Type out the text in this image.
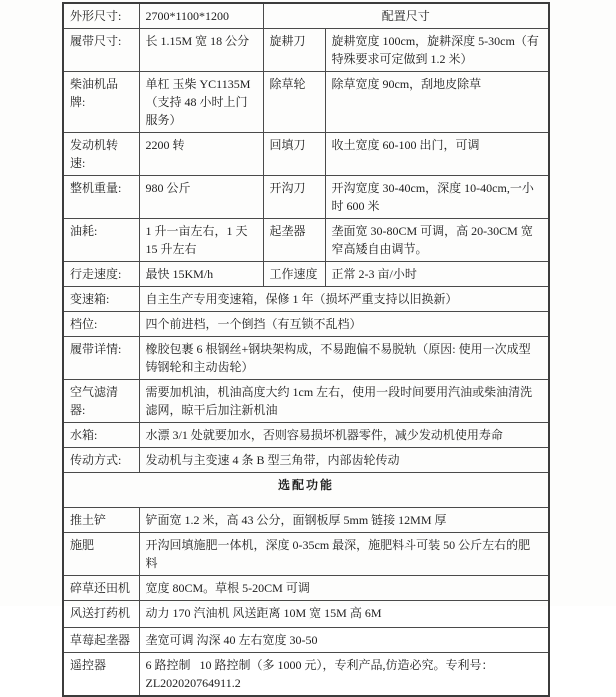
外形尺寸:	2700*1100*1200	配置尺寸	
履带尺寸:	长 1.15M 宽 18 公分	旋耕刀	旋耕宽度 100cm，旋耕深度 5-30cm（有特殊要求可定做到 1.2 米）
柴油机品牌:	单杠 玉柴 YC1135M（支持 48 小时上门服务）	除草轮	除草宽度 90cm，刮地皮除草
发动机转速:	2200 转	回填刀	收土宽度 60-100 出门，可调
整机重量:	980 公斤	开沟刀	开沟宽度 30-40cm，深度 10-40cm,一小时 600 米
油耗:	1 升一亩左右，1 天 15 升左右	起垄器	垄面宽 30-80CM 可调，高 20-30CM 宽窄高矮自由调节。
行走速度:	最快 15KM/h	工作速度	正常 2-3 亩/小时
变速箱:	自主生产专用变速箱，保修 1 年（损坏严重支持以旧换新）		
档位:	四个前进档，一个倒挡（有互锁不乱档）		
履带详情:	橡胶包裹 6 根钢丝+钢块架构成，不易跑偏不易脱轨（原因: 使用一次成型铸钢轮和主动齿轮）		
空气滤清器:	需要加机油，机油高度大约 1cm 左右，使用一段时间要用汽油或柴油清洗滤网，晾干后加注新机油		
水箱:	水漂 3/1 处就要加水，否则容易损坏机器零件，减少发动机使用寿命		
传动方式:	发动机与主变速 4 条 B 型三角带，内部齿轮传动		
选配功能			
推土铲	铲面宽 1.2 米，高 43 公分，面钢板厚 5mm 链接 12MM 厚		
施肥	开沟回填施肥一体机，深度 0-35cm 最深，施肥料斗可装 50 公斤左右的肥料		
碎草还田机	宽度 80CM。草根 5-20CM 可调		
风送打药机	动力 170 汽油机 风送距离 10M 宽 15M 高 6M		
草莓起垄器	垄宽可调 沟深 40 左右宽度 30-50		
遥控器	6 路控制   10 路控制（多 1000 元），专利产品,仿造必究。专利号：ZL202020764911.2		
